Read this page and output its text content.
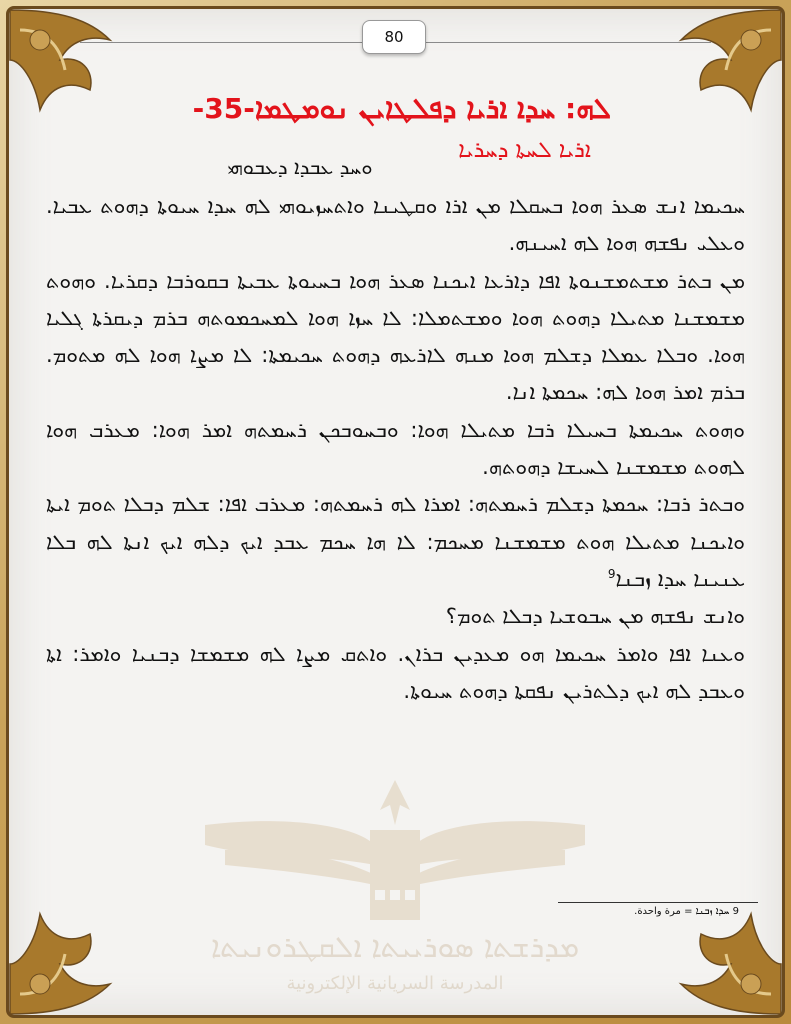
80
ܡܕܪܫܬܐ ܣܘܪܝܝܬܐ ܐܠܩܛܪܘܢܝܬܐ
المدرسة السريانية الإلكترونية
ܠܗ: ܚܕܐ ܐܪܝܐ ܕܦܠܛܐܝܢ ܢܘܡܛܡܐ-35-
ܐܪܝܐ ܠܚܬܐ ܕܚܪܝܐ
ܘܚܕ ܥܒܕܐ ܕܥܒܘܗܝ

ܚܟܝܡܐ ܐܢܫ ܣܥܪ ܗܘܐ ܒܚܩܠܐ ܡܢ ܐܪܐ ܘܩܛܝܢܐ ܘܐܬܚܙܝܘܗܝ ܠܗ ܚܕܐ ܚܝܘܬܐ ܕܗܘܬ ܥܒܝܐ. ܘܥܠܝ ܢܦܫܗ ܗܘܐ ܠܗ ܐܚܝܢܗ.

ܡܢ ܒܬܪ ܡܫܬܡܫܢܘܬܐ ܐܦܐ ܕܐܪܥܐ ܐܝܟܢܐ ܣܥܪ ܗܘܐ ܒܚܝܘܬܐ ܥܒܝܬܐ ܒܩܘܪܒܐ ܕܩܪܝܐ. ܘܗܘܬ ܡܫܡܫܢܐ ܡܬܝܠܐ ܕܗܘܬ ܗܘܐ ܘܡܫܬܡܠܐ: ܠܐ ܚܙܐ ܗܘܐ ܠܡܚܟܡܘܬܗ ܒܪܡ ܕܝܩܪܬܐ ܓܠܝܐ ܗܘܐ. ܘܒܠܐ ܥܡܠܐ ܕܫܠܡ ܗܘܐ ܡܢܗ ܠܐܪܥܗ ܕܗܘܬ ܚܟܝܡܬܐ: ܠܐ ܡܨܐ ܗܘܐ ܠܗ ܡܬܘܡ. ܒܪܡ ܐܡܪ ܗܘܐ ܠܗ: ܚܟܡܬܐ ܐܢܐ.

ܘܗܘܬ ܚܟܝܡܬܐ ܒܚܝܠܐ ܪܒܐ ܡܬܝܠܐ ܗܘܐ: ܘܒܚܘܒܟܢ ܪܚܡܬܗ ܐܡܪ ܗܘܐ: ܡܥܪܒ ܗܘܐ ܠܗܘܬ ܡܫܡܫܢܐ ܠܚܝܫܐ ܕܗܘܬܗ.

ܘܒܬܪ ܪܒܐ: ܚܟܡܬܐ ܕܫܠܡ ܪܚܡܬܗ: ܐܡܪܐ ܠܗ ܪܚܡܬܗ: ܡܥܪܒ ܐܦܐ: ܫܠܡ ܕܒܠܐ ܬܘܡ ܐܝܬܐ ܘܐܝܟܢܐ ܡܬܝܠܐ ܗܘܬ ܡܫܡܫܢܐ ܡܚܟܡ: ܠܐ ܗܐ ܚܟܡ ܥܒܕ ܐܝܟ ܕܠܗ ܐܝܟ ܐܢܬܐ ܠܗ ܒܠܐ ܥܢܝܢܐ ܚܕܐ ܙܒܢܐ$^9$

ܘܐܢܫ ܢܦܫܗ ܡܢ ܚܒܘܫܝܐ ܕܒܠܐ ܬܘܡ؟

ܘܥܢܐ ܐܦܐ ܘܐܡܪ ܚܟܝܡܐ ܗܘ ܡܥܕܝܢ ܒܪܐܢ. ܘܐܬܩ ܡܨܐ ܠܗ ܡܫܡܫܐ ܕܒܢܝܐ ܘܐܡܪ: ܐܬܐ ܘܥܒܕ ܠܗ ܐܝܟ ܕܠܬܪܝܢ ܢܦܩܬܐ ܕܗܘܬ ܚܝܘܬܐ.

9 ܚܕܐ ܙܒܢܐ = مرة واحدة.
